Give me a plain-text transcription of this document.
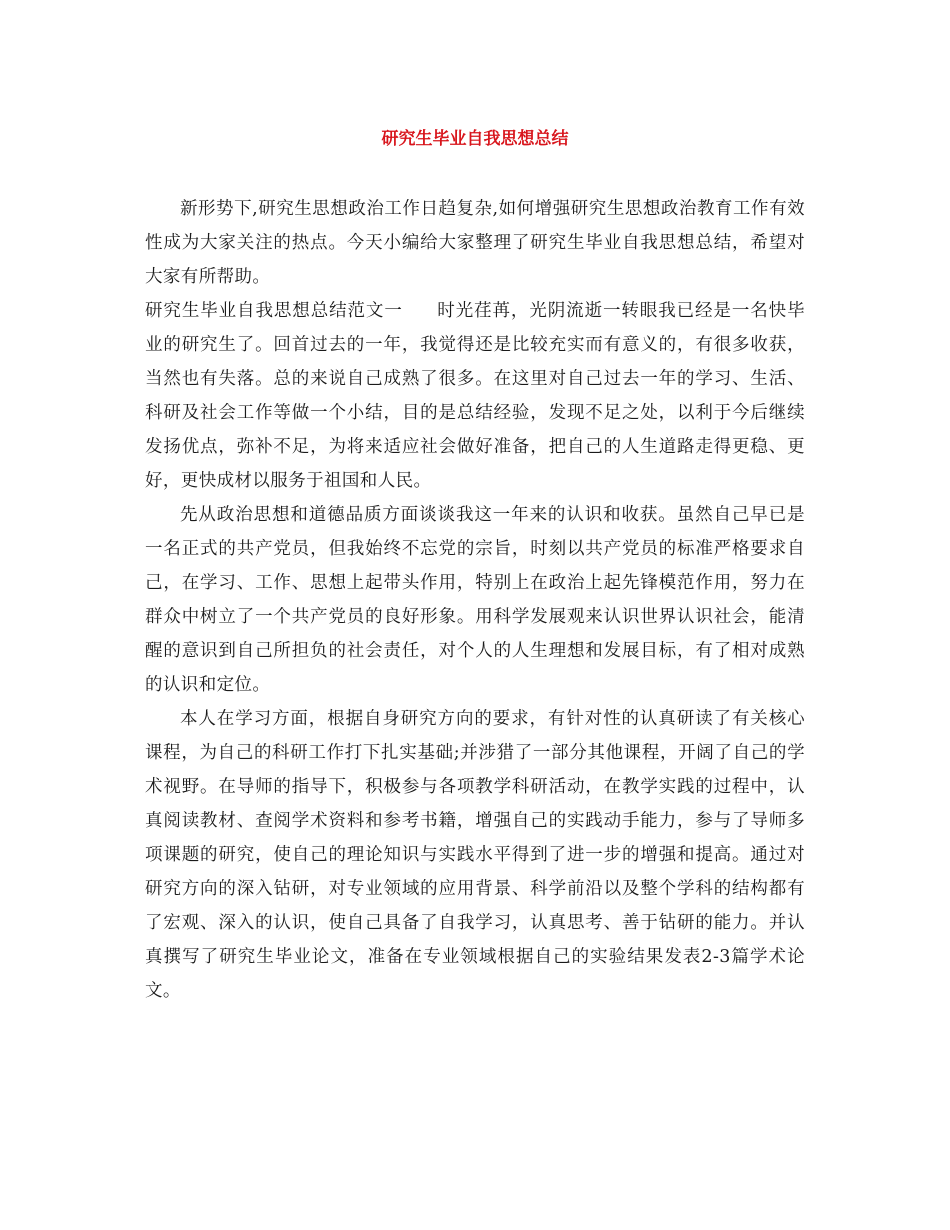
研究生毕业自我思想总结

新形势下,研究生思想政治工作日趋复杂,如何增强研究生思想政治教育工作有效性成为大家关注的热点。今天小编给大家整理了研究生毕业自我思想总结，希望对大家有所帮助。

研究生毕业自我思想总结范文一 时光荏苒，光阴流逝一转眼我已经是一名快毕业的研究生了。回首过去的一年，我觉得还是比较充实而有意义的，有很多收获，当然也有失落。总的来说自己成熟了很多。在这里对自己过去一年的学习、生活、科研及社会工作等做一个小结，目的是总结经验，发现不足之处，以利于今后继续发扬优点，弥补不足，为将来适应社会做好准备，把自己的人生道路走得更稳、更好，更快成材以服务于祖国和人民。

先从政治思想和道德品质方面谈谈我这一年来的认识和收获。虽然自己早已是一名正式的共产党员，但我始终不忘党的宗旨，时刻以共产党员的标准严格要求自己，在学习、工作、思想上起带头作用，特别上在政治上起先锋模范作用，努力在群众中树立了一个共产党员的良好形象。用科学发展观来认识世界认识社会，能清醒的意识到自己所担负的社会责任，对个人的人生理想和发展目标，有了相对成熟的认识和定位。

本人在学习方面，根据自身研究方向的要求，有针对性的认真研读了有关核心课程，为自己的科研工作打下扎实基础;并涉猎了一部分其他课程，开阔了自己的学术视野。在导师的指导下，积极参与各项教学科研活动，在教学实践的过程中，认真阅读教材、查阅学术资料和参考书籍，增强自己的实践动手能力，参与了导师多项课题的研究，使自己的理论知识与实践水平得到了进一步的增强和提高。通过对研究方向的深入钻研，对专业领域的应用背景、科学前沿以及整个学科的结构都有了宏观、深入的认识，使自己具备了自我学习，认真思考、善于钻研的能力。并认真撰写了研究生毕业论文，准备在专业领域根据自己的实验结果发表2-3篇学术论文。
